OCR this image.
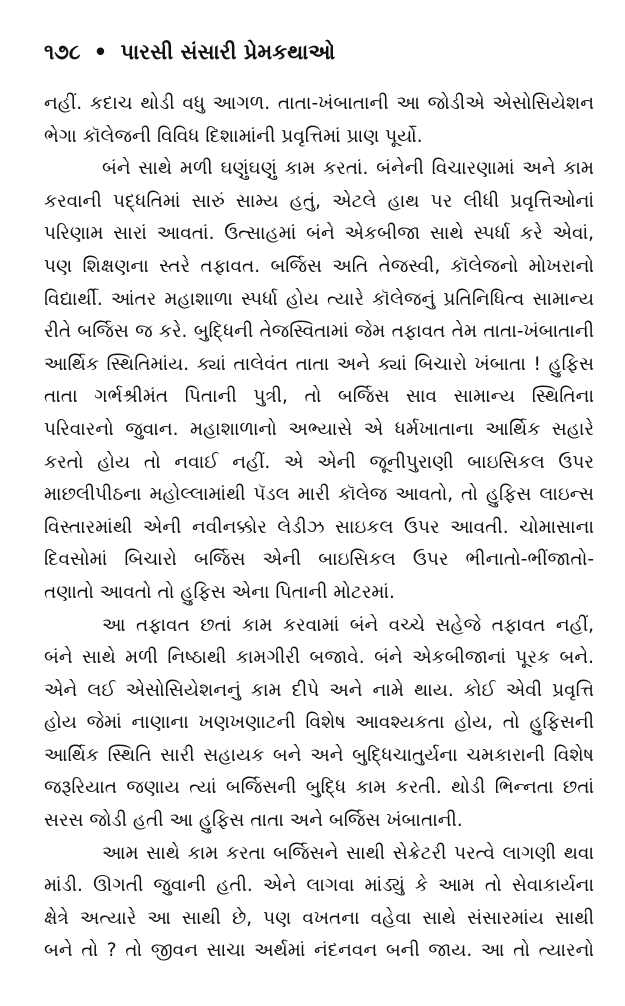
૧૭૮ • પારસી સંસારી પ્રેમકથાઓ
નહીં. કદાચ થોડી વધુ આગળ. તાતા-ખંબાતાની આ જોડીએ એસોસિયેશન
ભેગા કૉલેજની વિવિધ દિશામાંની પ્રવૃત્તિમાં પ્રાણ પૂર્યો.
બંને સાથે મળી ઘણુંઘણું કામ કરતાં. બંનેની વિચારણામાં અને કામ
કરવાની પદ્ધતિમાં સારું સામ્ય હતું, એટલે હાથ પર લીધી પ્રવૃત્તિઓનાં
પરિણામ સારાં આવતાં. ઉત્સાહમાં બંને એકબીજા સાથે સ્પર્ધા કરે એવાં,
પણ શિક્ષણના સ્તરે તફાવત. બર્જિસ અતિ તેજસ્વી, કૉલેજનો મોખરાનો
વિદ્યાર્થી. આંતર મહાશાળા સ્પર્ધા હોય ત્યારે કૉલેજનું પ્રતિનિધિત્વ સામાન્ય
રીતે બર્જિસ જ કરે. બુદ્ધિની તેજસ્વિતામાં જેમ તફાવત તેમ તાતા-ખંબાતાની
આર્થિક સ્થિતિમાંય. ક્યાં તાલેવંત તાતા અને ક્યાં બિચારો ખંબાતા ! હુફિસ
તાતા ગર્ભશ્રીમંત પિતાની પુત્રી, તો બર્જિસ સાવ સામાન્ય સ્થિતિના
પરિવારનો જુવાન. મહાશાળાનો અભ્યાસે એ ધર્મખાતાના આર્થિક સહારે
કરતો હોય તો નવાઈ નહીં. એ એની જૂનીપુરાણી બાઇસિકલ ઉપર
માછલીપીઠના મહોલ્લામાંથી પૅડલ મારી કૉલેજ આવતો, તો હુફિસ લાઇન્સ
વિસ્તારમાંથી એની નવીનક્કોર લેડીઝ સાઇકલ ઉપર આવતી. ચોમાસાના
દિવસોમાં બિચારો બર્જિસ એની બાઇસિકલ ઉપર ભીનાતો-ભીંજાતો-
તણાતો આવતો તો હુફિસ એના પિતાની મોટરમાં.
આ તફાવત છતાં કામ કરવામાં બંને વચ્ચે સહેજે તફાવત નહીં,
બંને સાથે મળી નિષ્ઠાથી કામગીરી બજાવે. બંને એકબીજાનાં પૂરક બને.
એને લઈ એસોસિયેશનનું કામ દીપે અને નામે થાય. કોઈ એવી પ્રવૃત્તિ
હોય જેમાં નાણાના ખણખણાટની વિશેષ આવશ્યકતા હોય, તો હુફિસની
આર્થિક સ્થિતિ સારી સહાયક બને અને બુદ્ધિચાતુર્યના ચમકારાની વિશેષ
જરૂરિયાત જણાય ત્યાં બર્જિસની બુદ્ધિ કામ કરતી. થોડી ભિન્નતા છતાં
સરસ જોડી હતી આ હુફિસ તાતા અને બર્જિસ ખંબાતાની.
આમ સાથે કામ કરતા બર્જિસને સાથી સેક્રેટરી પરત્વે લાગણી થવા
માંડી. ઊગતી જુવાની હતી. એને લાગવા માંડ્યું કે આમ તો સેવાકાર્યના
ક્ષેત્રે અત્યારે આ સાથી છે, પણ વખતના વહેવા સાથે સંસારમાંય સાથી
બને તો ? તો જીવન સાચા અર્થમાં નંદનવન બની જાય. આ તો ત્યારનો
